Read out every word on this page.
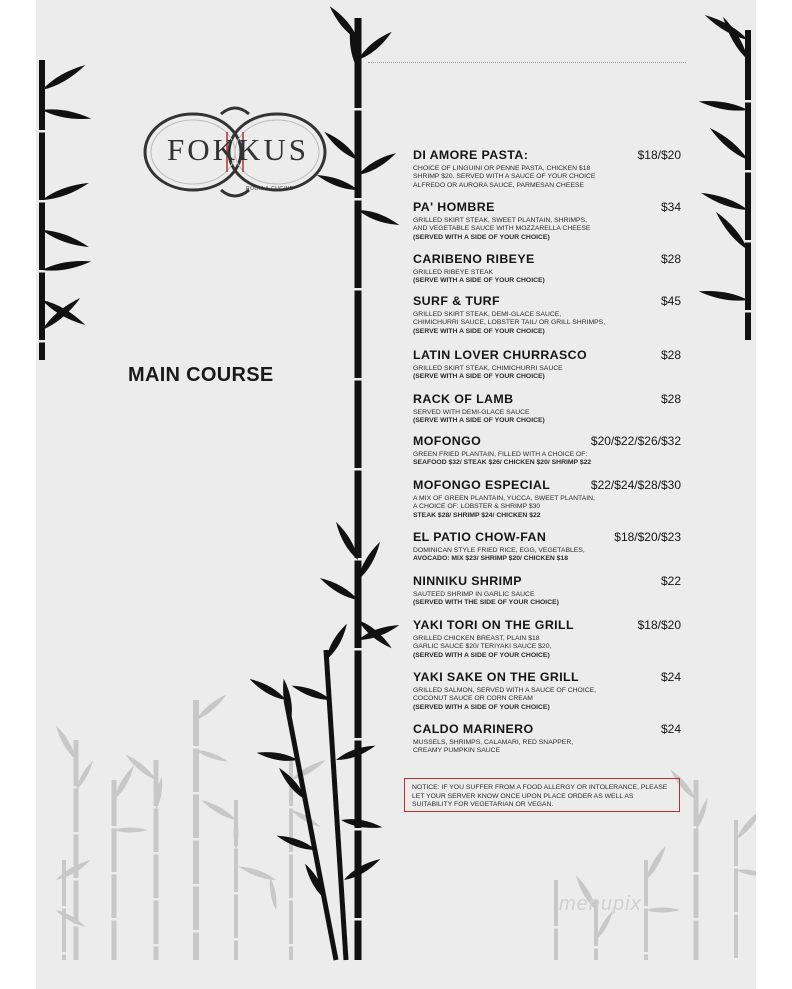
FOKKUS
ROOM & CUCINE
MAIN COURSE
DI AMORE PASTA:	$18/$20
CHOICE OF LINGUINI OR PENNE PASTA, CHICKEN $18
SHRIMP $20. SERVED WITH A SAUCE OF YOUR CHOICE
ALFREDO OR AURORA SAUCE, PARMESAN CHEESE
PA' HOMBRE	$34
GRILLED SKIRT STEAK, SWEET PLANTAIN, SHRIMPS,
AND VEGETABLE SAUCE WITH MOZZARELLA CHEESE
(SERVED WITH A SIDE OF YOUR CHOICE)
CARIBENO RIBEYE	$28
GRILLED RIBEYE STEAK
(SERVE WITH A SIDE OF YOUR CHOICE)
SURF & TURF	$45
GRILLED SKIRT STEAK, DEMI-GLACE SAUCE,
CHIMICHURRI SAUCE, LOBSTER TAIL/ OR GRILL SHRIMPS,
(SERVE WITH A SIDE OF YOUR CHOICE)
LATIN LOVER CHURRASCO	$28
GRILLED SKIRT STEAK, CHIMICHURRI SAUCE
(SERVE WITH A SIDE OF YOUR CHOICE)
RACK OF LAMB	$28
SERVED WITH DEMI-GLACE SAUCE
(SERVE WITH A SIDE OF YOUR CHOICE)
MOFONGO	$20/$22/$26/$32
GREEN FRIED PLANTAIN, FILLED WITH A CHOICE OF:
SEAFOOD $32/ STEAK $26/ CHICKEN $20/ SHRIMP $22
MOFONGO ESPECIAL	$22/$24/$28/$30
A MIX OF GREEN PLANTAIN, YUCCA, SWEET PLANTAIN,
A CHOICE OF: LOBSTER & SHRIMP $30
STEAK $28/ SHRIMP $24/ CHICKEN $22
EL PATIO CHOW-FAN	$18/$20/$23
DOMINICAN STYLE FRIED RICE, EGG, VEGETABLES,
AVOCADO: MIX $23/ SHRIMP $20/ CHICKEN $18
NINNIKU SHRIMP	$22
SAUTEED SHRIMP IN GARLIC SAUCE
(SERVED WITH THE SIDE OF YOUR CHOICE)
YAKI TORI ON THE GRILL	$18/$20
GRILLED CHICKEN BREAST, PLAIN $18
GARLIC SAUCE $20/ TERIYAKI SAUCE $20,
(SERVED WITH A SIDE OF YOUR CHOICE)
YAKI SAKE ON THE GRILL	$24
GRILLED SALMON, SERVED WITH A SAUCE OF CHOICE,
COCONUT SAUCE OR CORN CREAM
(SERVED WITH A SIDE OF YOUR CHOICE)
CALDO MARINERO	$24
MUSSELS, SHRIMPS, CALAMARI, RED SNAPPER,
CREAMY PUMPKIN SAUCE
NOTICE: IF YOU SUFFER FROM A FOOD ALLERGY OR INTOLERANCE, PLEASE LET YOUR SERVER KNOW ONCE UPON PLACE ORDER AS WELL AS SUITABILITY FOR VEGETARIAN OR VEGAN.
menupix
